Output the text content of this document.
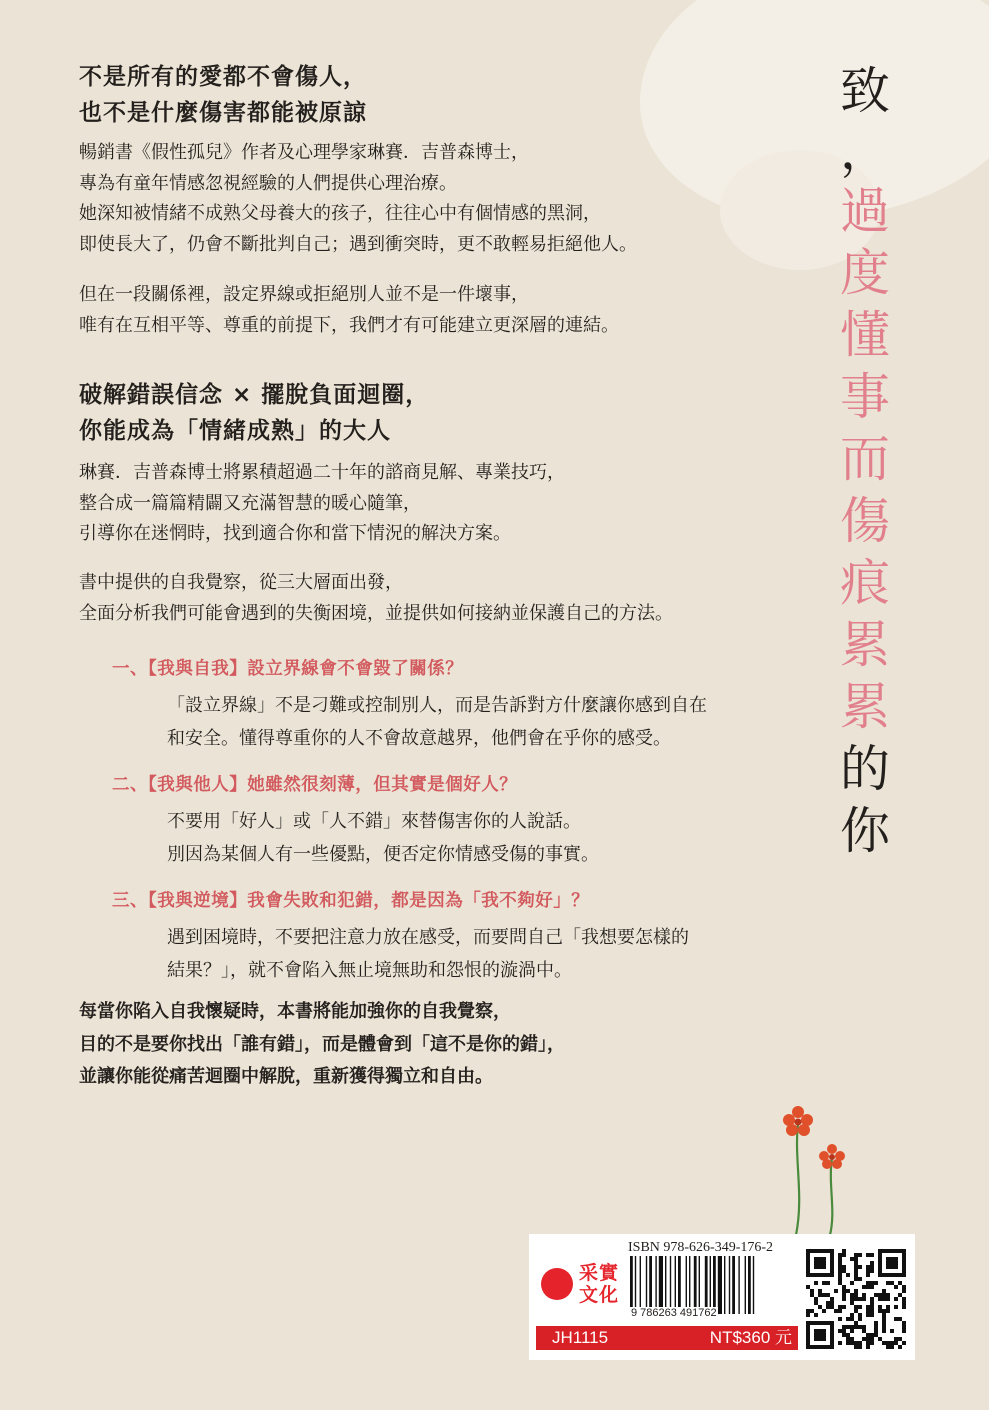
不是所有的愛都不會傷人，
也不是什麼傷害都能被原諒
暢銷書《假性孤兒》作者及心理學家琳賽．吉普森博士，
專為有童年情感忽視經驗的人們提供心理治療。
她深知被情緒不成熟父母養大的孩子，往往心中有個情感的黑洞，
即使長大了，仍會不斷批判自己；遇到衝突時，更不敢輕易拒絕他人。
但在一段關係裡，設定界線或拒絕別人並不是一件壞事，
唯有在互相平等、尊重的前提下，我們才有可能建立更深層的連結。
破解錯誤信念 × 擺脫負面迴圈，
你能成為「情緒成熟」的大人
琳賽．吉普森博士將累積超過二十年的諮商見解、專業技巧，
整合成一篇篇精闢又充滿智慧的暖心隨筆，
引導你在迷惘時，找到適合你和當下情況的解決方案。
書中提供的自我覺察，從三大層面出發，
全面分析我們可能會遇到的失衡困境，並提供如何接納並保護自己的方法。
一、【我與自我】設立界線會不會毀了關係？
「設立界線」不是刁難或控制別人，而是告訴對方什麼讓你感到自在
和安全。懂得尊重你的人不會故意越界，他們會在乎你的感受。
二、【我與他人】她雖然很刻薄，但其實是個好人？
不要用「好人」或「人不錯」來替傷害你的人說話。
別因為某個人有一些優點，便否定你情感受傷的事實。
三、【我與逆境】我會失敗和犯錯，都是因為「我不夠好」？
遇到困境時，不要把注意力放在感受，而要問自己「我想要怎樣的
結果？」，就不會陷入無止境無助和怨恨的漩渦中。
每當你陷入自我懷疑時，本書將能加強你的自我覺察，
目的不是要你找出「誰有錯」，而是體會到「這不是你的錯」，
並讓你能從痛苦迴圈中解脫，重新獲得獨立和自由。
致
，
過
度
懂
事
而
傷
痕
累
累
的
你
采實
文化
ISBN 978-626-349-176-2
9 786263 491762
JH1115	NT$360 元
